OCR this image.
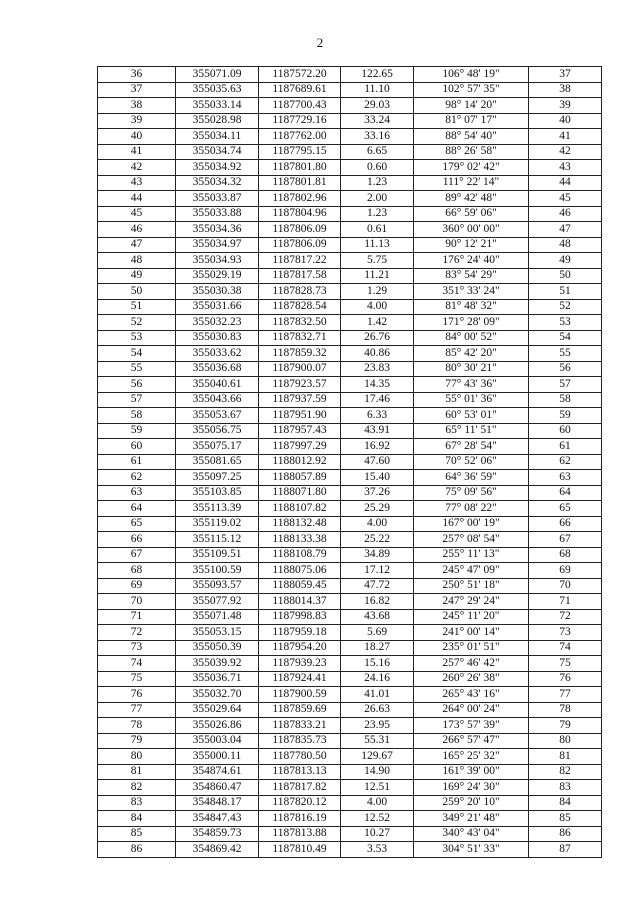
2
36	355071.09	1187572.20	122.65	106° 48' 19"	37
37	355035.63	1187689.61	11.10	102° 57' 35"	38
38	355033.14	1187700.43	29.03	98° 14' 20"	39
39	355028.98	1187729.16	33.24	81° 07' 17"	40
40	355034.11	1187762.00	33.16	88° 54' 40"	41
41	355034.74	1187795.15	6.65	88° 26' 58"	42
42	355034.92	1187801.80	0.60	179° 02' 42"	43
43	355034.32	1187801.81	1.23	111° 22' 14"	44
44	355033.87	1187802.96	2.00	89° 42' 48"	45
45	355033.88	1187804.96	1.23	66° 59' 06"	46
46	355034.36	1187806.09	0.61	360° 00' 00"	47
47	355034.97	1187806.09	11.13	90° 12' 21"	48
48	355034.93	1187817.22	5.75	176° 24' 40"	49
49	355029.19	1187817.58	11.21	83° 54' 29"	50
50	355030.38	1187828.73	1.29	351° 33' 24"	51
51	355031.66	1187828.54	4.00	81° 48' 32"	52
52	355032.23	1187832.50	1.42	171° 28' 09"	53
53	355030.83	1187832.71	26.76	84° 00' 52"	54
54	355033.62	1187859.32	40.86	85° 42' 20"	55
55	355036.68	1187900.07	23.83	80° 30' 21"	56
56	355040.61	1187923.57	14.35	77° 43' 36"	57
57	355043.66	1187937.59	17.46	55° 01' 36"	58
58	355053.67	1187951.90	6.33	60° 53' 01"	59
59	355056.75	1187957.43	43.91	65° 11' 51"	60
60	355075.17	1187997.29	16.92	67° 28' 54"	61
61	355081.65	1188012.92	47.60	70° 52' 06"	62
62	355097.25	1188057.89	15.40	64° 36' 59"	63
63	355103.85	1188071.80	37.26	75° 09' 56"	64
64	355113.39	1188107.82	25.29	77° 08' 22"	65
65	355119.02	1188132.48	4.00	167° 00' 19"	66
66	355115.12	1188133.38	25.22	257° 08' 54"	67
67	355109.51	1188108.79	34.89	255° 11' 13"	68
68	355100.59	1188075.06	17.12	245° 47' 09"	69
69	355093.57	1188059.45	47.72	250° 51' 18"	70
70	355077.92	1188014.37	16.82	247° 29' 24"	71
71	355071.48	1187998.83	43.68	245° 11' 20"	72
72	355053.15	1187959.18	5.69	241° 00' 14"	73
73	355050.39	1187954.20	18.27	235° 01' 51"	74
74	355039.92	1187939.23	15.16	257° 46' 42"	75
75	355036.71	1187924.41	24.16	260° 26' 38"	76
76	355032.70	1187900.59	41.01	265° 43' 16"	77
77	355029.64	1187859.69	26.63	264° 00' 24"	78
78	355026.86	1187833.21	23.95	173° 57' 39"	79
79	355003.04	1187835.73	55.31	266° 57' 47"	80
80	355000.11	1187780.50	129.67	165° 25' 32"	81
81	354874.61	1187813.13	14.90	161° 39' 00"	82
82	354860.47	1187817.82	12.51	169° 24' 30"	83
83	354848.17	1187820.12	4.00	259° 20' 10"	84
84	354847.43	1187816.19	12.52	349° 21' 48"	85
85	354859.73	1187813.88	10.27	340° 43' 04"	86
86	354869.42	1187810.49	3.53	304° 51' 33"	87
